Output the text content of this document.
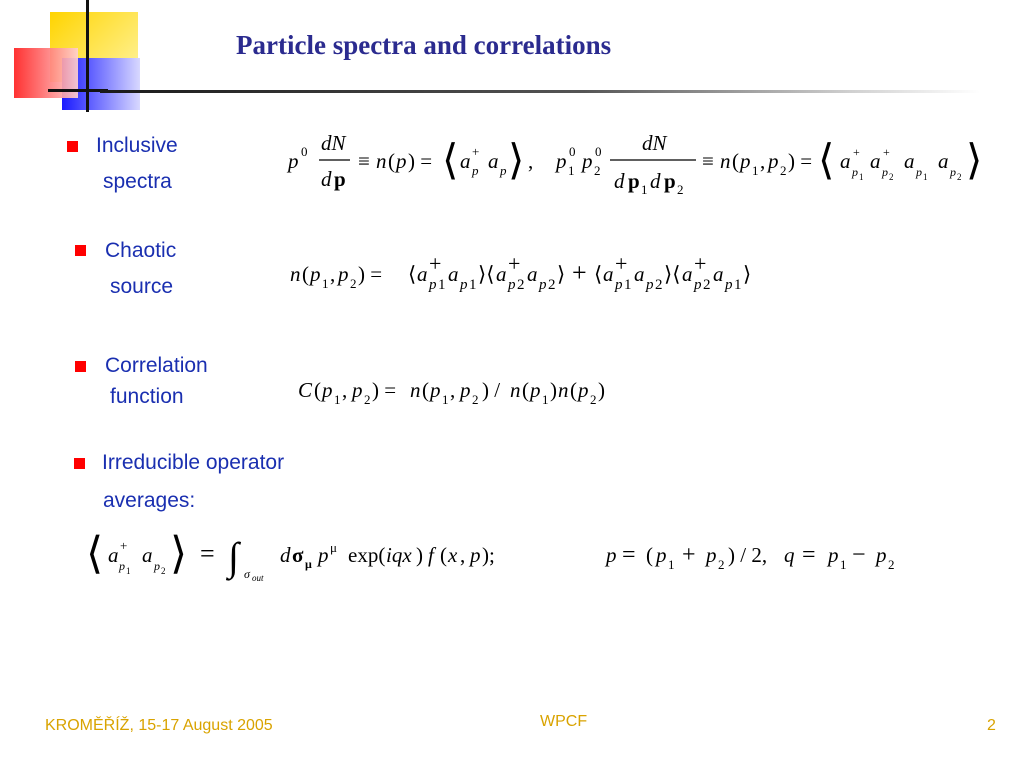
Particle spectra and correlations
Inclusive
spectra
Chaotic
source
Correlation
function
Irreducible operator
averages:
p 0 dN
d p
≡ n ( p ) = ⟨ a +
p a p ⟩ , p 1
0 p 2
0 dN
d p 1 d p 2
≡ n ( p 1 , p 2 ) = ⟨ a +
p 1
a +
p 2
a p 1
a p 2 ⟩
n ( p 1 , p 2 ) = ⟨ a +
p 1 a p 1 ⟩⟨ a +
p 2 a p 2 ⟩ + ⟨ a +
p 1 a p 2 ⟩⟨ a +
p 2 a p 1 ⟩
C ( p 1 , p 2 ) = n ( p 1 , p 2 ) / n ( p 1 ) n ( p 2 )
⟨ a +
p 1
a p 2 ⟩ = ∫ σ out
d σ μ p μ exp( iqx ) f ( x , p );	p = ( p 1 + p 2 ) / 2, q = p 1 − p 2
KROMĚŘÍŽ, 15-17 August 2005	WPCF	2
